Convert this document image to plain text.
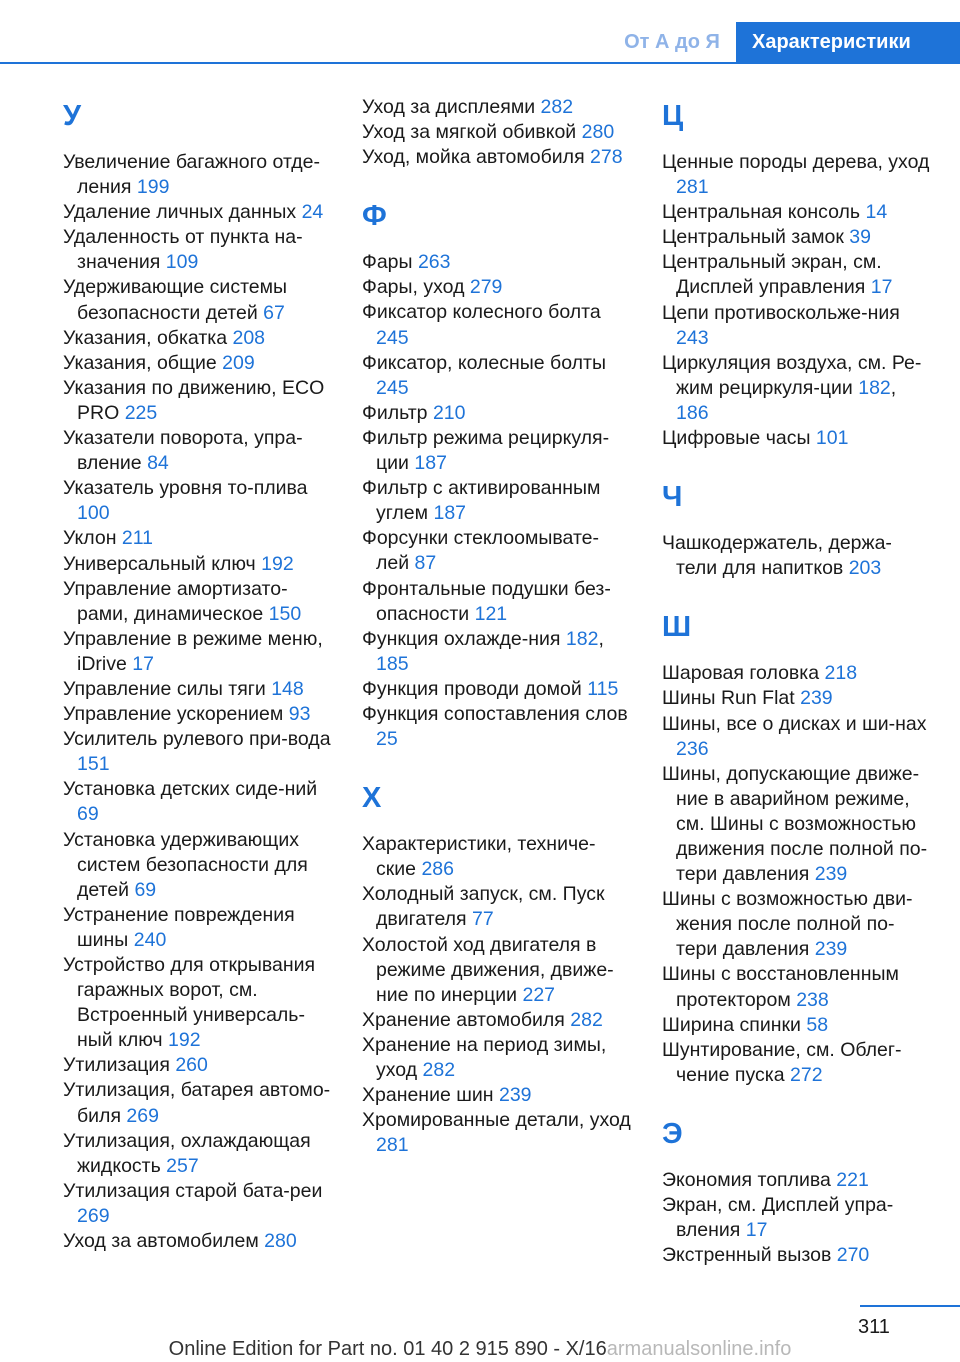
От А до Я	Характеристики
У
Увеличение багажного отде‐ления 199
Удаление личных данных 24
Удаленность от пункта на‐значения 109
Удерживающие системы безопасности детей 67
Указания, обкатка 208
Указания, общие 209
Указания по движению, ECO PRO 225
Указатели поворота, упра‐вление 84
Указатель уровня то‐плива 100
Уклон 211
Универсальный ключ 192
Управление амортизато‐рами, динамическое 150
Управление в режиме меню, iDrive 17
Управление силы тяги 148
Управление ускорением 93
Усилитель рулевого при‐вода 151
Установка детских сиде‐ний 69
Установка удерживающих систем безопасности для детей 69
Устранение повреждения шины 240
Устройство для открывания гаражных ворот, см. Встроенный универсаль‐ный ключ 192
Утилизация 260
Утилизация, батарея автомо‐биля 269
Утилизация, охлаждающая жидкость 257
Утилизация старой бата‐реи 269
Уход за автомобилем 280
Уход за дисплеями 282
Уход за мягкой обивкой 280
Уход, мойка автомобиля 278
Ф
Фары 263
Фары, уход 279
Фиксатор колесного болта 245
Фиксатор, колесные болты 245
Фильтр 210
Фильтр режима рециркуля‐ции 187
Фильтр с активированным углем 187
Форсунки стеклоомывате‐лей 87
Фронтальные подушки без‐опасности 121
Функция охлажде‐ния 182, 185
Функция проводи домой 115
Функция сопоставления слов 25
Х
Характеристики, техниче‐ские 286
Холодный запуск, см. Пуск двигателя 77
Холостой ход двигателя в режиме движения, движе‐ние по инерции 227
Хранение автомобиля 282
Хранение на период зимы, уход 282
Хранение шин 239
Хромированные детали, уход 281
Ц
Ценные породы дерева, уход 281
Центральная консоль 14
Центральный замок 39
Центральный экран, см. Дисплей управления 17
Цепи противоскольже‐ния 243
Циркуляция воздуха, см. Ре‐жим рециркуля‐ции 182, 186
Цифровые часы 101
Ч
Чашкодержатель, держа‐тели для напитков 203
Ш
Шаровая головка 218
Шины Run Flat 239
Шины, все о дисках и ши‐нах 236
Шины, допускающие движе‐ние в аварийном режиме, см. Шины с возможностью движения после полной по‐тери давления 239
Шины с возможностью дви‐жения после полной по‐тери давления 239
Шины с восстановленным протектором 238
Ширина спинки 58
Шунтирование, см. Облег‐чение пуска 272
Э
Экономия топлива 221
Экран, см. Дисплей упра‐вления 17
Экстренный вызов 270
311
Online Edition for Part no. 01 40 2 915 890 - X/16armanualsonline.info
